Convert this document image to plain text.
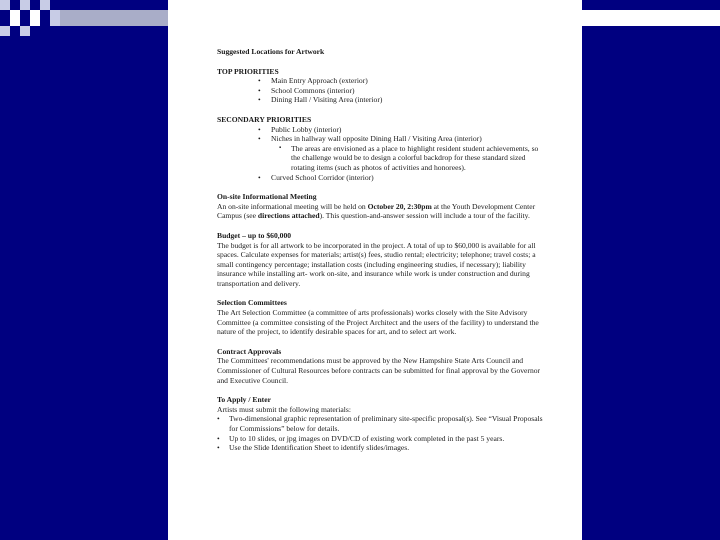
Suggested Locations for Artwork

TOP PRIORITIES

• Main Entry Approach (exterior)
• School Commons (interior)
• Dining Hall / Visiting Area (interior)

SECONDARY PRIORITIES

• Public Lobby (interior)
• Niches in hallway wall opposite Dining Hall / Visiting Area (interior)
▪ The areas are envisioned as a place to highlight resident student achievements, so the challenge would be to design a colorful backdrop for these standard sized rotating items (such as photos of activities and honorees).
• Curved School Corridor (interior)

On-site Informational Meeting

An on-site informational meeting will be held on October 20, 2:30pm at the Youth Development Center Campus (see directions attached). This question-and-answer session will include a tour of the facility.

Budget – up to $60,000

The budget is for all artwork to be incorporated in the project. A total of up to $60,000 is available for all spaces. Calculate expenses for materials; artist(s) fees, studio rental; electricity; telephone; travel costs; a small contingency percentage; installation costs (including engineering studies, if necessary); liability insurance while installing art- work on-site, and insurance while work is under construction and during transportation and delivery.

Selection Committees

The Art Selection Committee (a committee of arts professionals) works closely with the Site Advisory Committee (a committee consisting of the Project Architect and the users of the facility) to understand the nature of the project, to identify desirable spaces for art, and to select art work.

Contract Approvals

The Committees' recommendations must be approved by the New Hampshire State Arts Council and Commissioner of Cultural Resources before contracts can be submitted for final approval by the Governor and Executive Council.

To Apply / Enter

Artists must submit the following materials:

• Two-dimensional graphic representation of preliminary site-specific proposal(s). See “Visual Proposals for Commissions” below for details.
• Up to 10 slides, or jpg images on DVD/CD of existing work completed in the past 5 years.
• Use the Slide Identification Sheet to identify slides/images.
